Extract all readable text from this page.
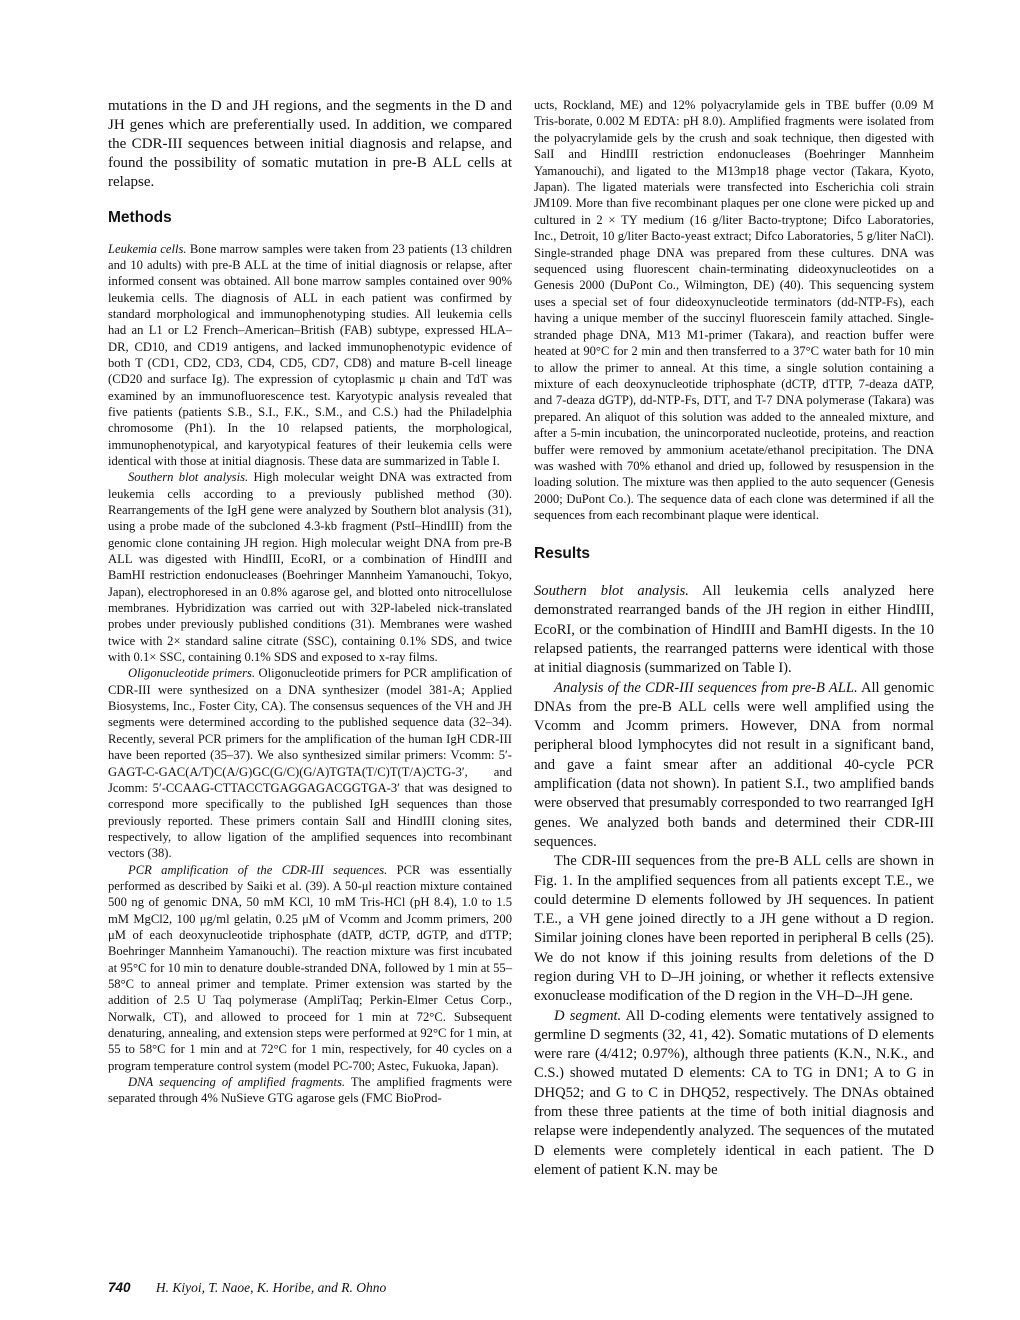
mutations in the D and JH regions, and the segments in the D and JH genes which are preferentially used. In addition, we compared the CDR-III sequences between initial diagnosis and relapse, and found the possibility of somatic mutation in pre-B ALL cells at relapse.

Methods

Leukemia cells. Bone marrow samples were taken from 23 patients (13 children and 10 adults) with pre-B ALL at the time of initial diagnosis or relapse, after informed consent was obtained. All bone marrow samples contained over 90% leukemia cells. The diagnosis of ALL in each patient was confirmed by standard morphological and immunophenotyping studies. All leukemia cells had an L1 or L2 French–American–British (FAB) subtype, expressed HLA–DR, CD10, and CD19 antigens, and lacked immunophenotypic evidence of both T (CD1, CD2, CD3, CD4, CD5, CD7, CD8) and mature B-cell lineage (CD20 and surface Ig). The expression of cytoplasmic μ chain and TdT was examined by an immunofluorescence test. Karyotypic analysis revealed that five patients (patients S.B., S.I., F.K., S.M., and C.S.) had the Philadelphia chromosome (Ph1). In the 10 relapsed patients, the morphological, immunophenotypical, and karyotypical features of their leukemia cells were identical with those at initial diagnosis. These data are summarized in Table I.

Southern blot analysis. High molecular weight DNA was extracted from leukemia cells according to a previously published method (30). Rearrangements of the IgH gene were analyzed by Southern blot analysis (31), using a probe made of the subcloned 4.3-kb fragment (PstI–HindIII) from the genomic clone containing JH region. High molecular weight DNA from pre-B ALL was digested with HindIII, EcoRI, or a combination of HindIII and BamHI restriction endonucleases (Boehringer Mannheim Yamanouchi, Tokyo, Japan), electrophoresed in an 0.8% agarose gel, and blotted onto nitrocellulose membranes. Hybridization was carried out with 32P-labeled nick-translated probes under previously published conditions (31). Membranes were washed twice with 2× standard saline citrate (SSC), containing 0.1% SDS, and twice with 0.1× SSC, containing 0.1% SDS and exposed to x-ray films.

Oligonucleotide primers. Oligonucleotide primers for PCR amplification of CDR-III were synthesized on a DNA synthesizer (model 381-A; Applied Biosystems, Inc., Foster City, CA). The consensus sequences of the VH and JH segments were determined according to the published sequence data (32–34). Recently, several PCR primers for the amplification of the human IgH CDR-III have been reported (35–37). We also synthesized similar primers: Vcomm: 5′-GAGT-C-GAC(A/T)C(A/G)GC(G/C)(G/A)TGTA(T/C)T(T/A)CTG-3′, and Jcomm: 5′-CCAAG-CTTACCTGAGGAGACGGTGA-3′ that was designed to correspond more specifically to the published IgH sequences than those previously reported. These primers contain SalI and HindIII cloning sites, respectively, to allow ligation of the amplified sequences into recombinant vectors (38).

PCR amplification of the CDR-III sequences. PCR was essentially performed as described by Saiki et al. (39). A 50-μl reaction mixture contained 500 ng of genomic DNA, 50 mM KCl, 10 mM Tris-HCl (pH 8.4), 1.0 to 1.5 mM MgCl2, 100 μg/ml gelatin, 0.25 μM of Vcomm and Jcomm primers, 200 μM of each deoxynucleotide triphosphate (dATP, dCTP, dGTP, and dTTP; Boehringer Mannheim Yamanouchi). The reaction mixture was first incubated at 95°C for 10 min to denature double-stranded DNA, followed by 1 min at 55–58°C to anneal primer and template. Primer extension was started by the addition of 2.5 U Taq polymerase (AmpliTaq; Perkin-Elmer Cetus Corp., Norwalk, CT), and allowed to proceed for 1 min at 72°C. Subsequent denaturing, annealing, and extension steps were performed at 92°C for 1 min, at 55 to 58°C for 1 min and at 72°C for 1 min, respectively, for 40 cycles on a program temperature control system (model PC-700; Astec, Fukuoka, Japan).

DNA sequencing of amplified fragments. The amplified fragments were separated through 4% NuSieve GTG agarose gels (FMC BioProd-

ucts, Rockland, ME) and 12% polyacrylamide gels in TBE buffer (0.09 M Tris-borate, 0.002 M EDTA: pH 8.0). Amplified fragments were isolated from the polyacrylamide gels by the crush and soak technique, then digested with SalI and HindIII restriction endonucleases (Boehringer Mannheim Yamanouchi), and ligated to the M13mp18 phage vector (Takara, Kyoto, Japan). The ligated materials were transfected into Escherichia coli strain JM109. More than five recombinant plaques per one clone were picked up and cultured in 2 × TY medium (16 g/liter Bacto-tryptone; Difco Laboratories, Inc., Detroit, 10 g/liter Bacto-yeast extract; Difco Laboratories, 5 g/liter NaCl). Single-stranded phage DNA was prepared from these cultures. DNA was sequenced using fluorescent chain-terminating dideoxynucleotides on a Genesis 2000 (DuPont Co., Wilmington, DE) (40). This sequencing system uses a special set of four dideoxynucleotide terminators (dd-NTP-Fs), each having a unique member of the succinyl fluorescein family attached. Single-stranded phage DNA, M13 M1-primer (Takara), and reaction buffer were heated at 90°C for 2 min and then transferred to a 37°C water bath for 10 min to allow the primer to anneal. At this time, a single solution containing a mixture of each deoxynucleotide triphosphate (dCTP, dTTP, 7-deaza dATP, and 7-deaza dGTP), dd-NTP-Fs, DTT, and T-7 DNA polymerase (Takara) was prepared. An aliquot of this solution was added to the annealed mixture, and after a 5-min incubation, the unincorporated nucleotide, proteins, and reaction buffer were removed by ammonium acetate/ethanol precipitation. The DNA was washed with 70% ethanol and dried up, followed by resuspension in the loading solution. The mixture was then applied to the auto sequencer (Genesis 2000; DuPont Co.). The sequence data of each clone was determined if all the sequences from each recombinant plaque were identical.

Results

Southern blot analysis. All leukemia cells analyzed here demonstrated rearranged bands of the JH region in either HindIII, EcoRI, or the combination of HindIII and BamHI digests. In the 10 relapsed patients, the rearranged patterns were identical with those at initial diagnosis (summarized on Table I).

Analysis of the CDR-III sequences from pre-B ALL. All genomic DNAs from the pre-B ALL cells were well amplified using the Vcomm and Jcomm primers. However, DNA from normal peripheral blood lymphocytes did not result in a significant band, and gave a faint smear after an additional 40-cycle PCR amplification (data not shown). In patient S.I., two amplified bands were observed that presumably corresponded to two rearranged IgH genes. We analyzed both bands and determined their CDR-III sequences.

The CDR-III sequences from the pre-B ALL cells are shown in Fig. 1. In the amplified sequences from all patients except T.E., we could determine D elements followed by JH sequences. In patient T.E., a VH gene joined directly to a JH gene without a D region. Similar joining clones have been reported in peripheral B cells (25). We do not know if this joining results from deletions of the D region during VH to D–JH joining, or whether it reflects extensive exonuclease modification of the D region in the VH–D–JH gene.

D segment. All D-coding elements were tentatively assigned to germline D segments (32, 41, 42). Somatic mutations of D elements were rare (4/412; 0.97%), although three patients (K.N., N.K., and C.S.) showed mutated D elements: CA to TG in DN1; A to G in DHQ52; and G to C in DHQ52, respectively. The DNAs obtained from these three patients at the time of both initial diagnosis and relapse were independently analyzed. The sequences of the mutated D elements were completely identical in each patient. The D element of patient K.N. may be

740 H. Kiyoi, T. Naoe, K. Horibe, and R. Ohno
